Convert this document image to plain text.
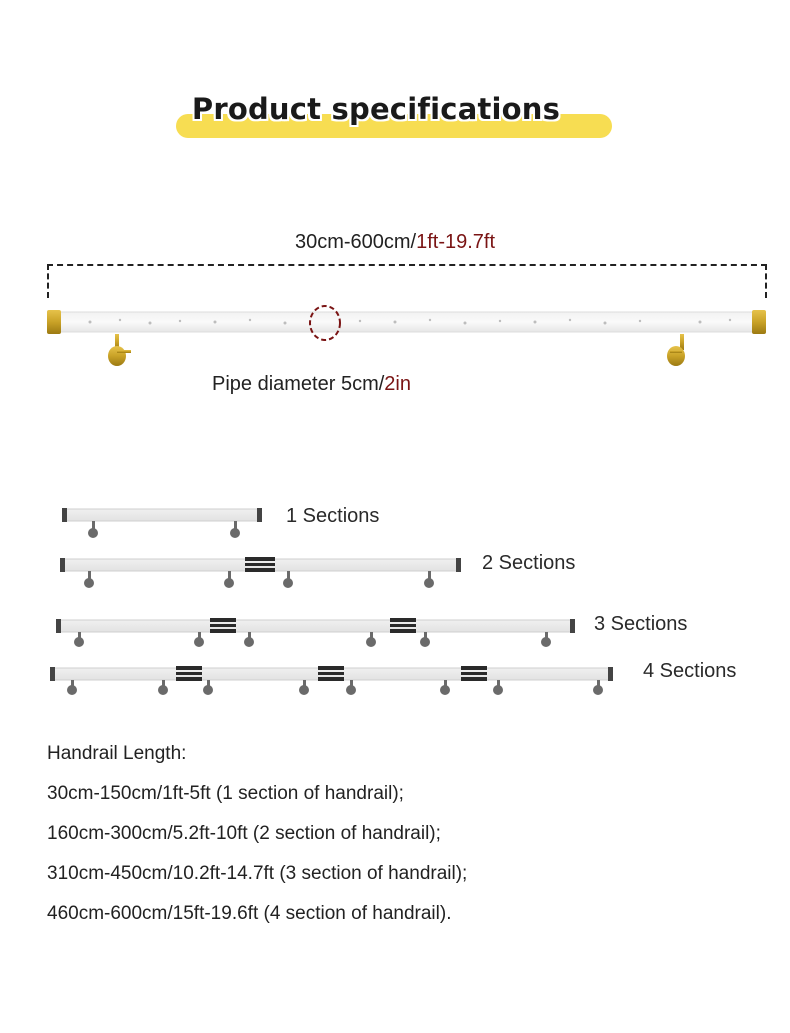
Product specifications
30cm-600cm/1ft-19.7ft
Pipe diameter 5cm/2in
1 Sections
2 Sections
3 Sections
4 Sections
Handrail Length:
30cm-150cm/1ft-5ft (1 section of handrail);
160cm-300cm/5.2ft-10ft (2 section of handrail);
310cm-450cm/10.2ft-14.7ft (3 section of handrail);
460cm-600cm/15ft-19.6ft (4 section of handrail).
